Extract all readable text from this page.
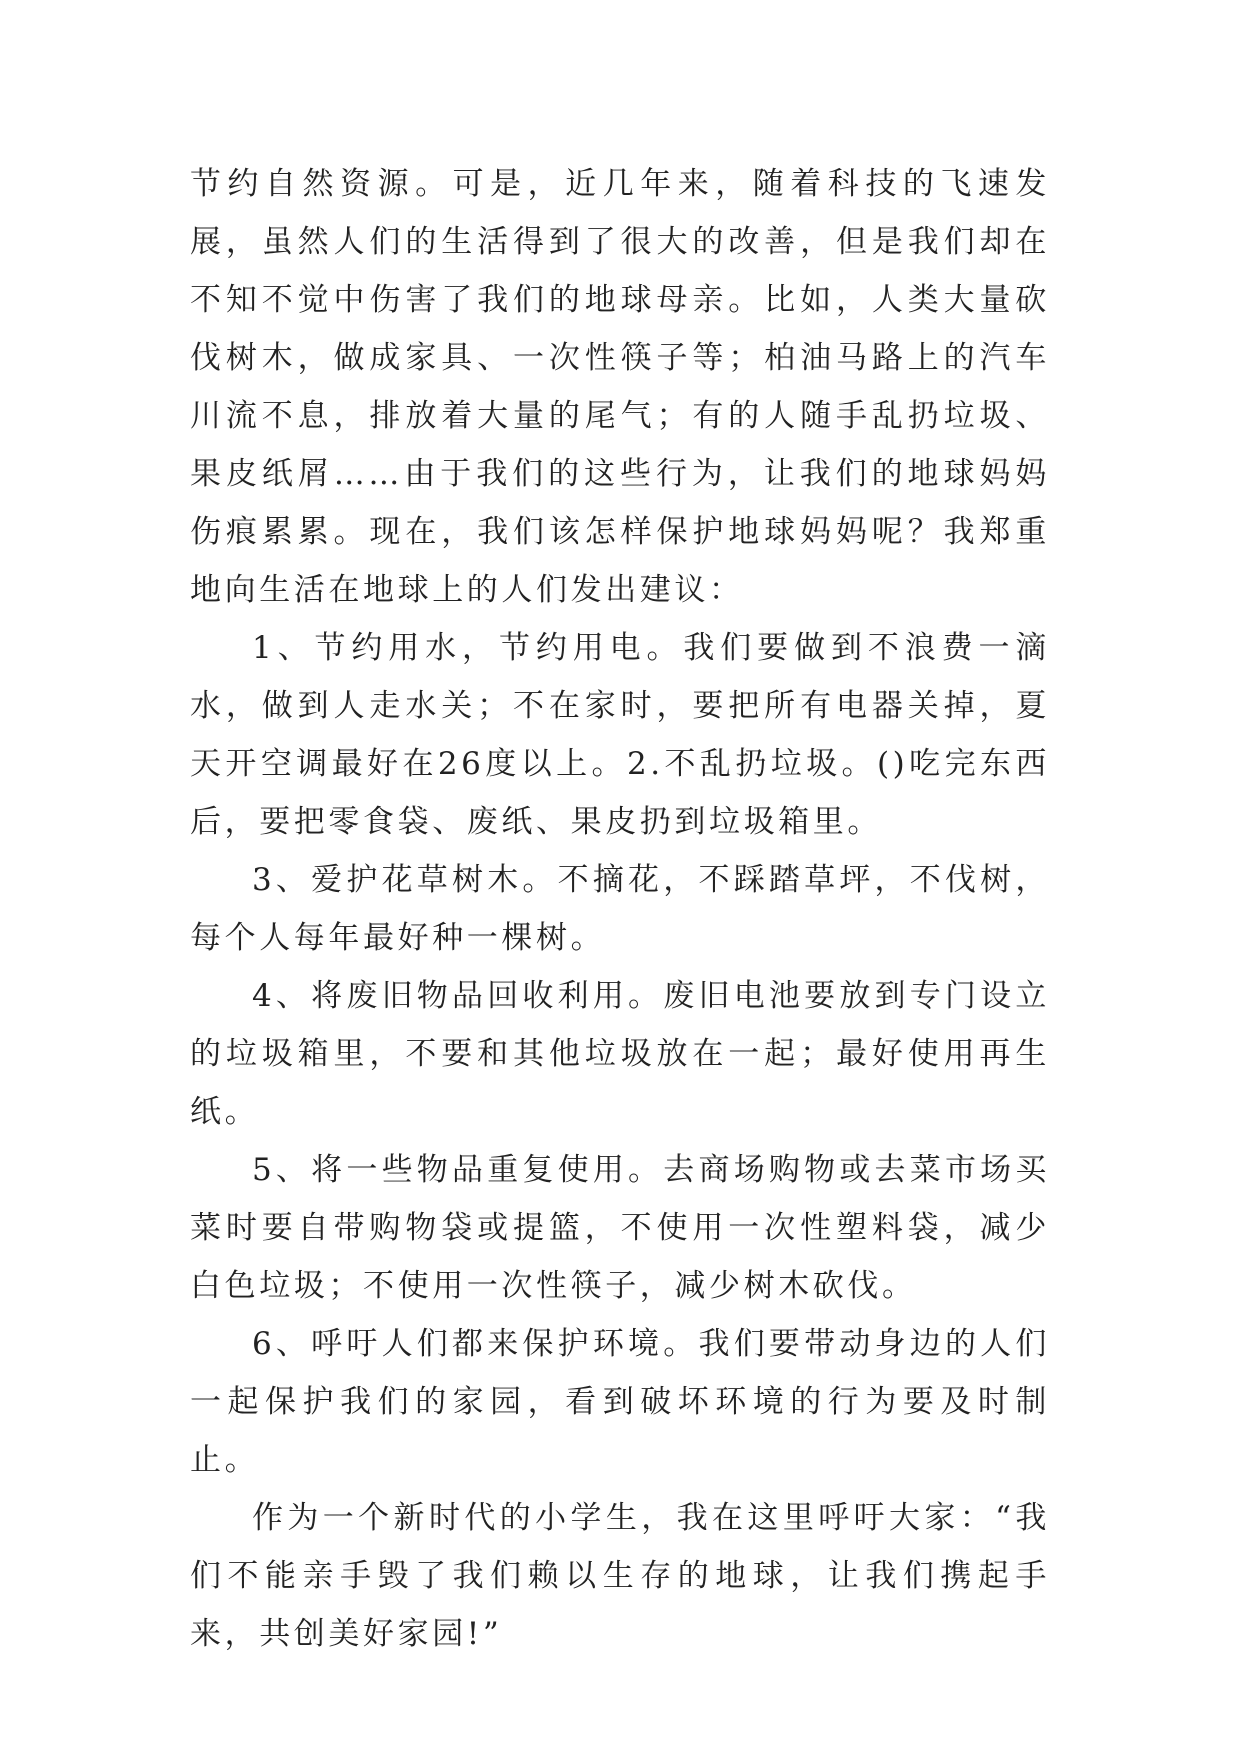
节约自然资源。可是，近几年来，随着科技的飞速发展，虽然人们的生活得到了很大的改善，但是我们却在不知不觉中伤害了我们的地球母亲。比如，人类大量砍伐树木，做成家具、一次性筷子等；柏油马路上的汽车川流不息，排放着大量的尾气；有的人随手乱扔垃圾、果皮纸屑……由于我们的这些行为，让我们的地球妈妈伤痕累累。现在，我们该怎样保护地球妈妈呢？我郑重地向生活在地球上的人们发出建议：

1、节约用水，节约用电。我们要做到不浪费一滴水，做到人走水关；不在家时，要把所有电器关掉，夏天开空调最好在26度以上。2.不乱扔垃圾。()吃完东西后，要把零食袋、废纸、果皮扔到垃圾箱里。

3、爱护花草树木。不摘花，不踩踏草坪，不伐树，每个人每年最好种一棵树。

4、将废旧物品回收利用。废旧电池要放到专门设立的垃圾箱里，不要和其他垃圾放在一起；最好使用再生纸。

5、将一些物品重复使用。去商场购物或去菜市场买菜时要自带购物袋或提篮，不使用一次性塑料袋，减少白色垃圾；不使用一次性筷子，减少树木砍伐。

6、呼吁人们都来保护环境。我们要带动身边的人们一起保护我们的家园，看到破坏环境的行为要及时制止。

作为一个新时代的小学生，我在这里呼吁大家：“我们不能亲手毁了我们赖以生存的地球，让我们携起手来，共创美好家园!”
